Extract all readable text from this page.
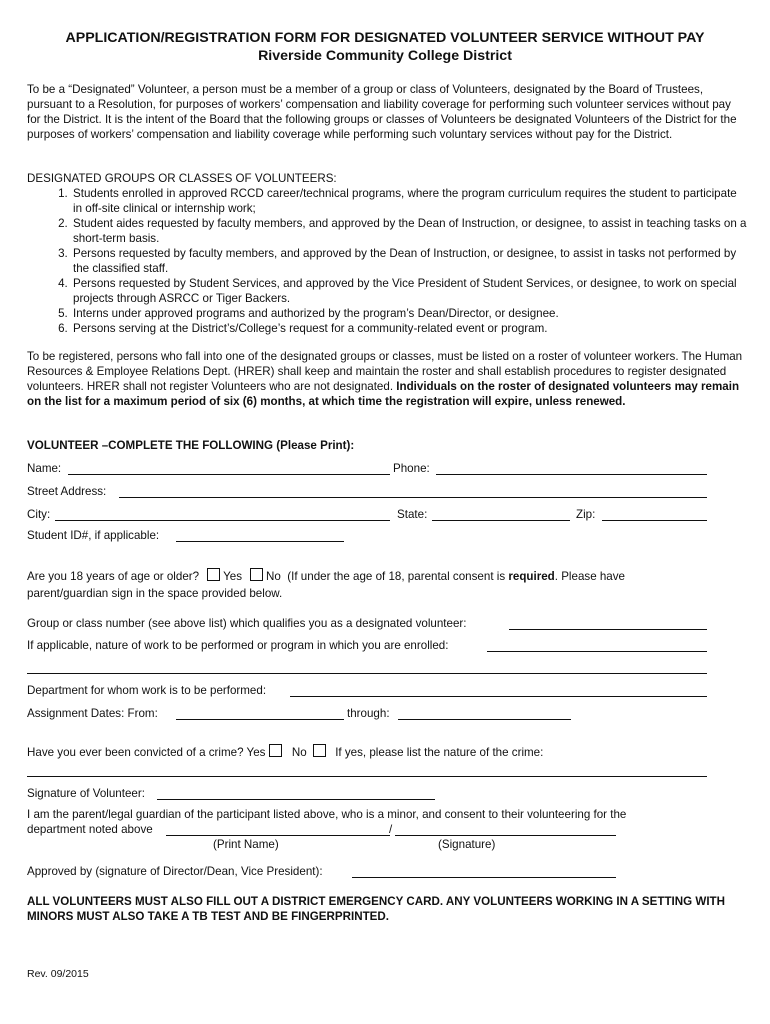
APPLICATION/REGISTRATION FORM FOR DESIGNATED VOLUNTEER SERVICE WITHOUT PAY
Riverside Community College District
To be a “Designated” Volunteer, a person must be a member of a group or class of Volunteers, designated by the Board of Trustees, pursuant to a Resolution, for purposes of workers’ compensation and liability coverage for performing such volunteer services without pay for the District. It is the intent of the Board that the following groups or classes of Volunteers be designated Volunteers of the District for the purposes of workers’ compensation and liability coverage while performing such voluntary services without pay for the District.
DESIGNATED GROUPS OR CLASSES OF VOLUNTEERS:
1. Students enrolled in approved RCCD career/technical programs, where the program curriculum requires the student to participate in off-site clinical or internship work;
2. Student aides requested by faculty members, and approved by the Dean of Instruction, or designee, to assist in teaching tasks on a short-term basis.
3. Persons requested by faculty members, and approved by the Dean of Instruction, or designee, to assist in tasks not performed by the classified staff.
4. Persons requested by Student Services, and approved by the Vice President of Student Services, or designee, to work on special projects through ASRCC or Tiger Backers.
5. Interns under approved programs and authorized by the program’s Dean/Director, or designee.
6. Persons serving at the District’s/College’s request for a community-related event or program.
To be registered, persons who fall into one of the designated groups or classes, must be listed on a roster of volunteer workers. The Human Resources & Employee Relations Dept. (HRER) shall keep and maintain the roster and shall establish procedures to register designated volunteers. HRER shall not register Volunteers who are not designated. Individuals on the roster of designated volunteers may remain on the list for a maximum period of six (6) months, at which time the registration will expire, unless renewed.
VOLUNTEER –COMPLETE THE FOLLOWING (Please Print):
Name:	Phone:
Street Address:
City:	State:	Zip:
Student ID#, if applicable:
Are you 18 years of age or older? Yes No (If under the age of 18, parental consent is required. Please have
parent/guardian sign in the space provided below.
Group or class number (see above list) which qualifies you as a designated volunteer:
If applicable, nature of work to be performed or program in which you are enrolled:
Department for whom work is to be performed:
Assignment Dates: From:	through:
Have you ever been convicted of a crime? Yes No If yes, please list the nature of the crime:
Signature of Volunteer:
I am the parent/legal guardian of the participant listed above, who is a minor, and consent to their volunteering for the
department noted above	/
(Print Name)	(Signature)
Approved by (signature of Director/Dean, Vice President):
ALL VOLUNTEERS MUST ALSO FILL OUT A DISTRICT EMERGENCY CARD. ANY VOLUNTEERS WORKING IN A SETTING WITH MINORS MUST ALSO TAKE A TB TEST AND BE FINGERPRINTED.
Rev. 09/2015
